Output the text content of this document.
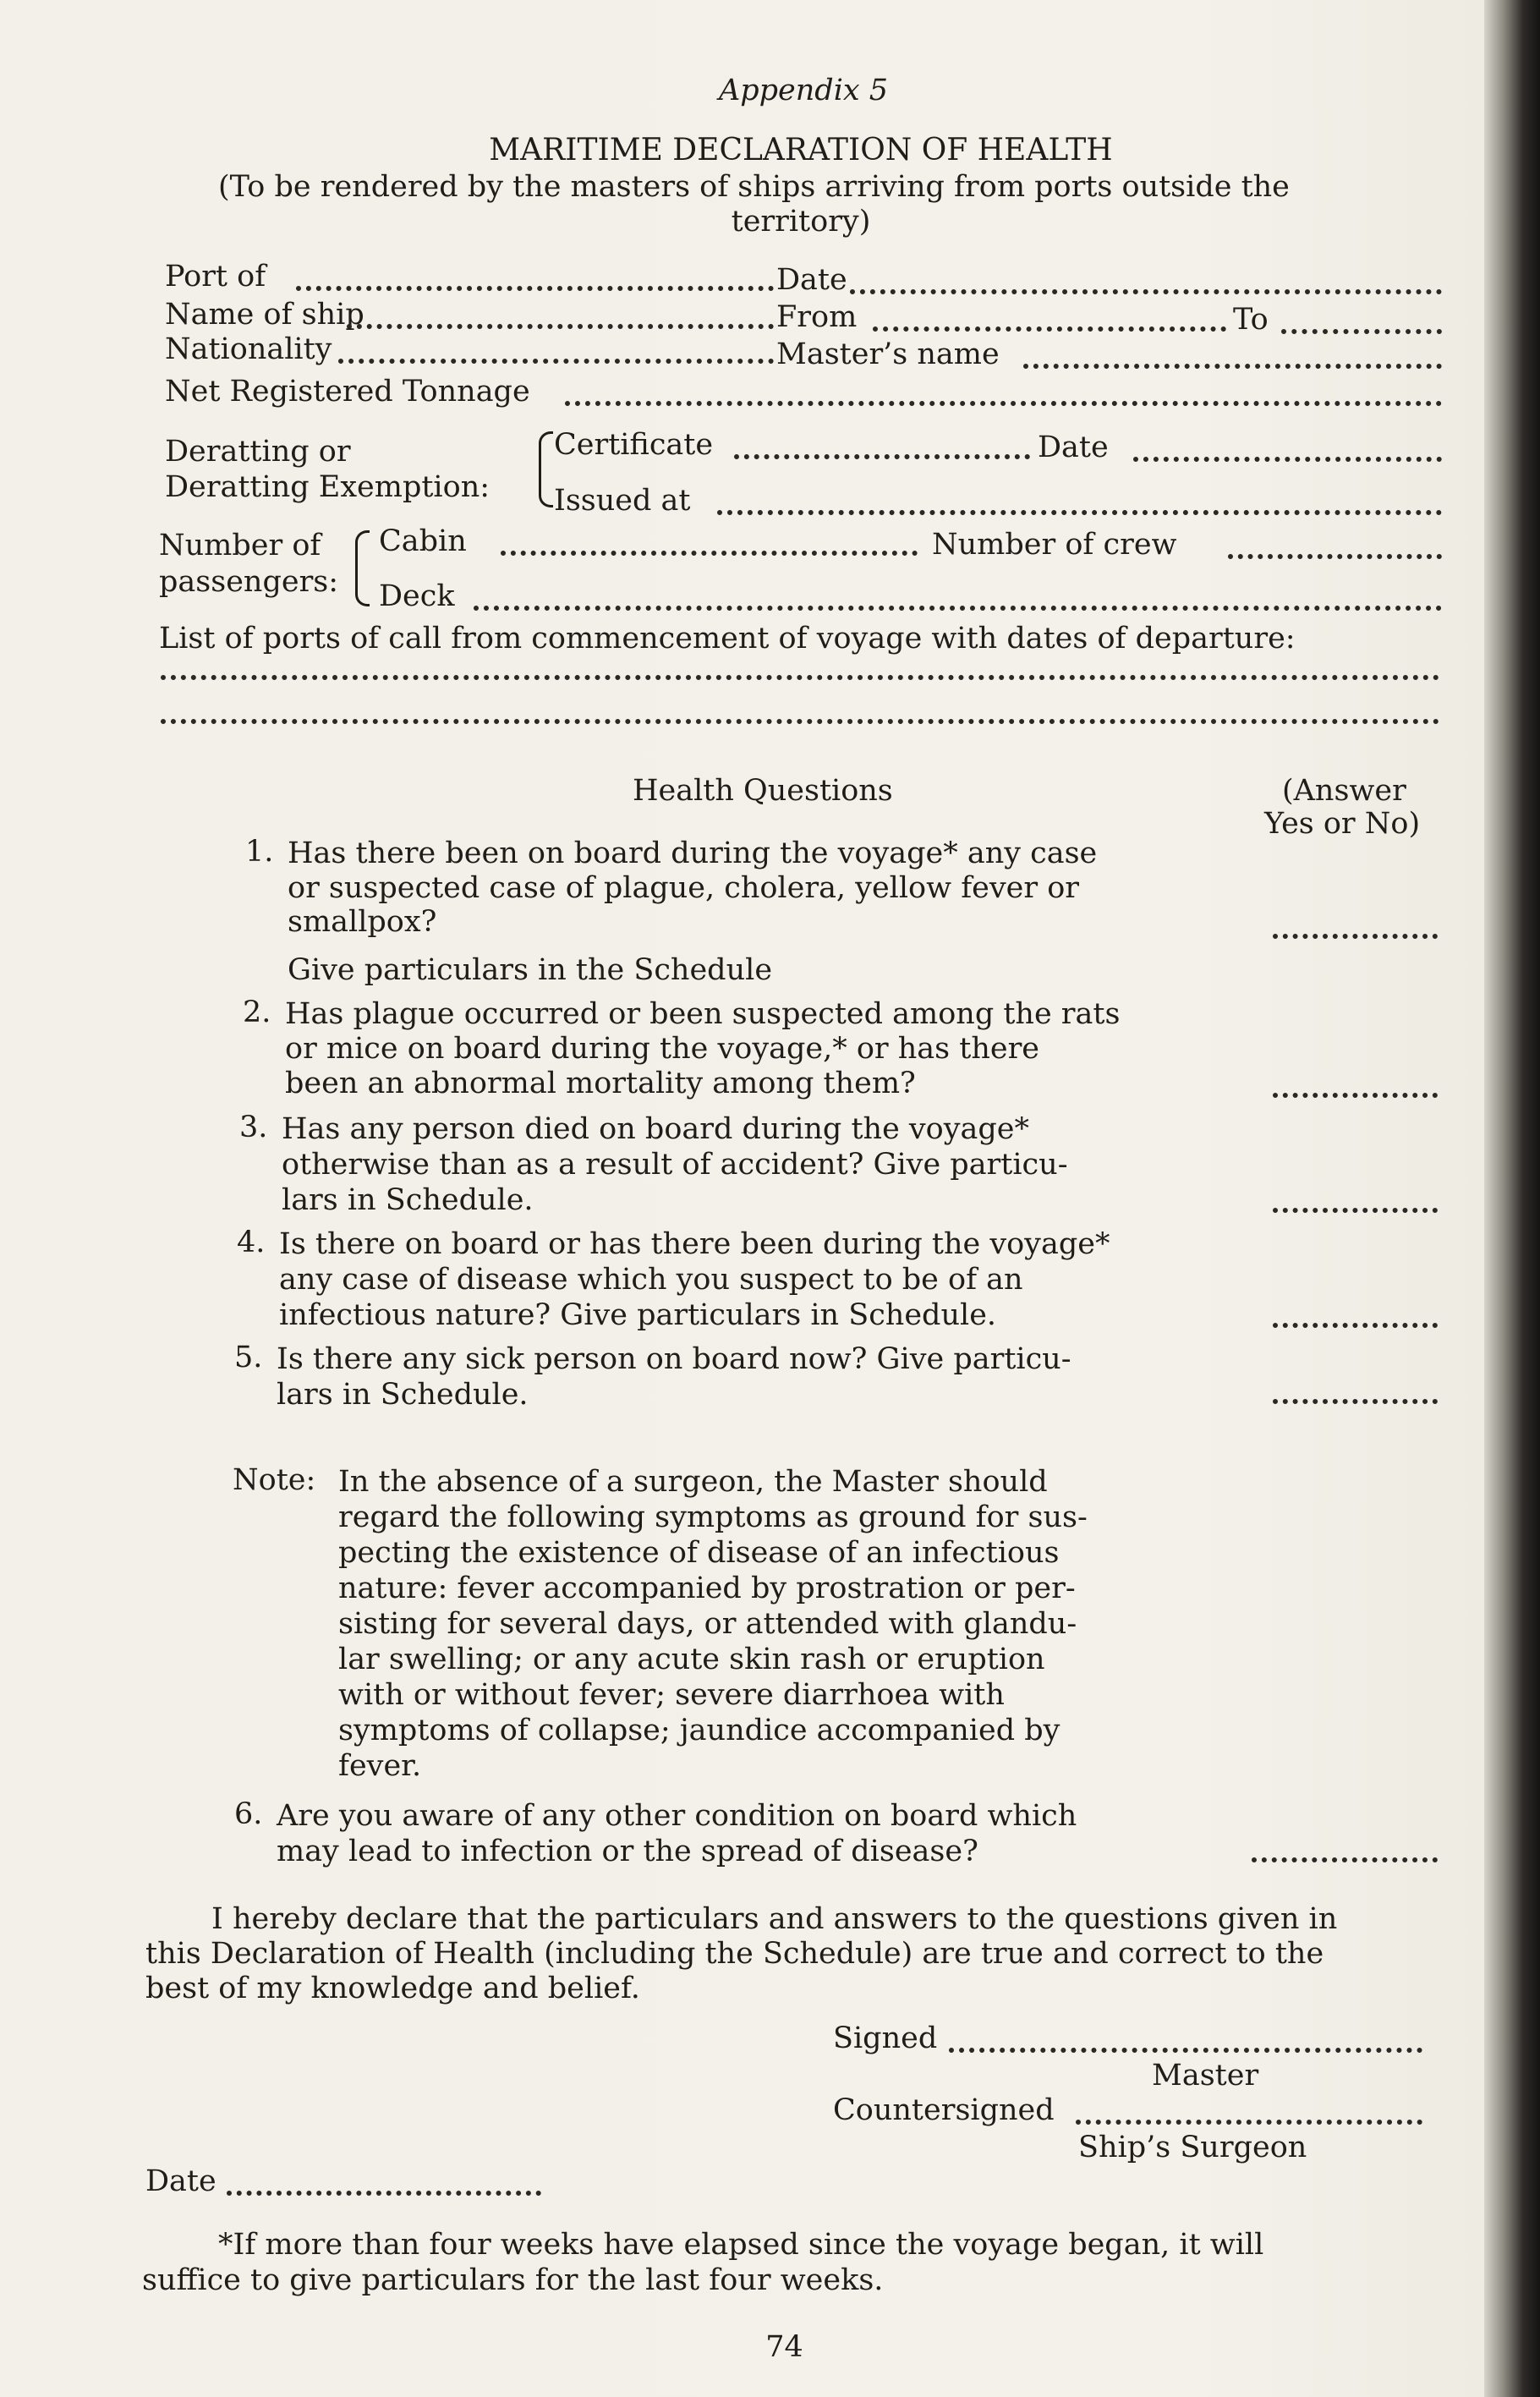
Appendix 5
MARITIME DECLARATION OF HEALTH
(To be rendered by the masters of ships arriving from ports outside the
territory)
Port of	Date
Name of ship	From	To
Nationality	Master’s name
Net Registered Tonnage
Deratting or
Deratting Exemption:
Certificate	Date
Issued at
Number of
passengers:
Cabin	Number of crew
Deck
List of ports of call from commencement of voyage with dates of departure:
Health Questions	(Answer
Yes or No)
1. Has there been on board during the voyage* any case
or suspected case of plague, cholera, yellow fever or
smallpox?
Give particulars in the Schedule
2. Has plague occurred or been suspected among the rats
or mice on board during the voyage,* or has there
been an abnormal mortality among them?
3. Has any person died on board during the voyage*
otherwise than as a result of accident? Give particu-
lars in Schedule.
4. Is there on board or has there been during the voyage*
any case of disease which you suspect to be of an
infectious nature? Give particulars in Schedule.
5. Is there any sick person on board now? Give particu-
lars in Schedule.
Note: In the absence of a surgeon, the Master should
regard the following symptoms as ground for sus-
pecting the existence of disease of an infectious
nature: fever accompanied by prostration or per-
sisting for several days, or attended with glandu-
lar swelling; or any acute skin rash or eruption
with or without fever; severe diarrhoea with
symptoms of collapse; jaundice accompanied by
fever.
6. Are you aware of any other condition on board which
may lead to infection or the spread of disease?
I hereby declare that the particulars and answers to the questions given in
this Declaration of Health (including the Schedule) are true and correct to the
best of my knowledge and belief.
Signed
Master
Countersigned
Ship’s Surgeon
Date
*If more than four weeks have elapsed since the voyage began, it will
suffice to give particulars for the last four weeks.
74
